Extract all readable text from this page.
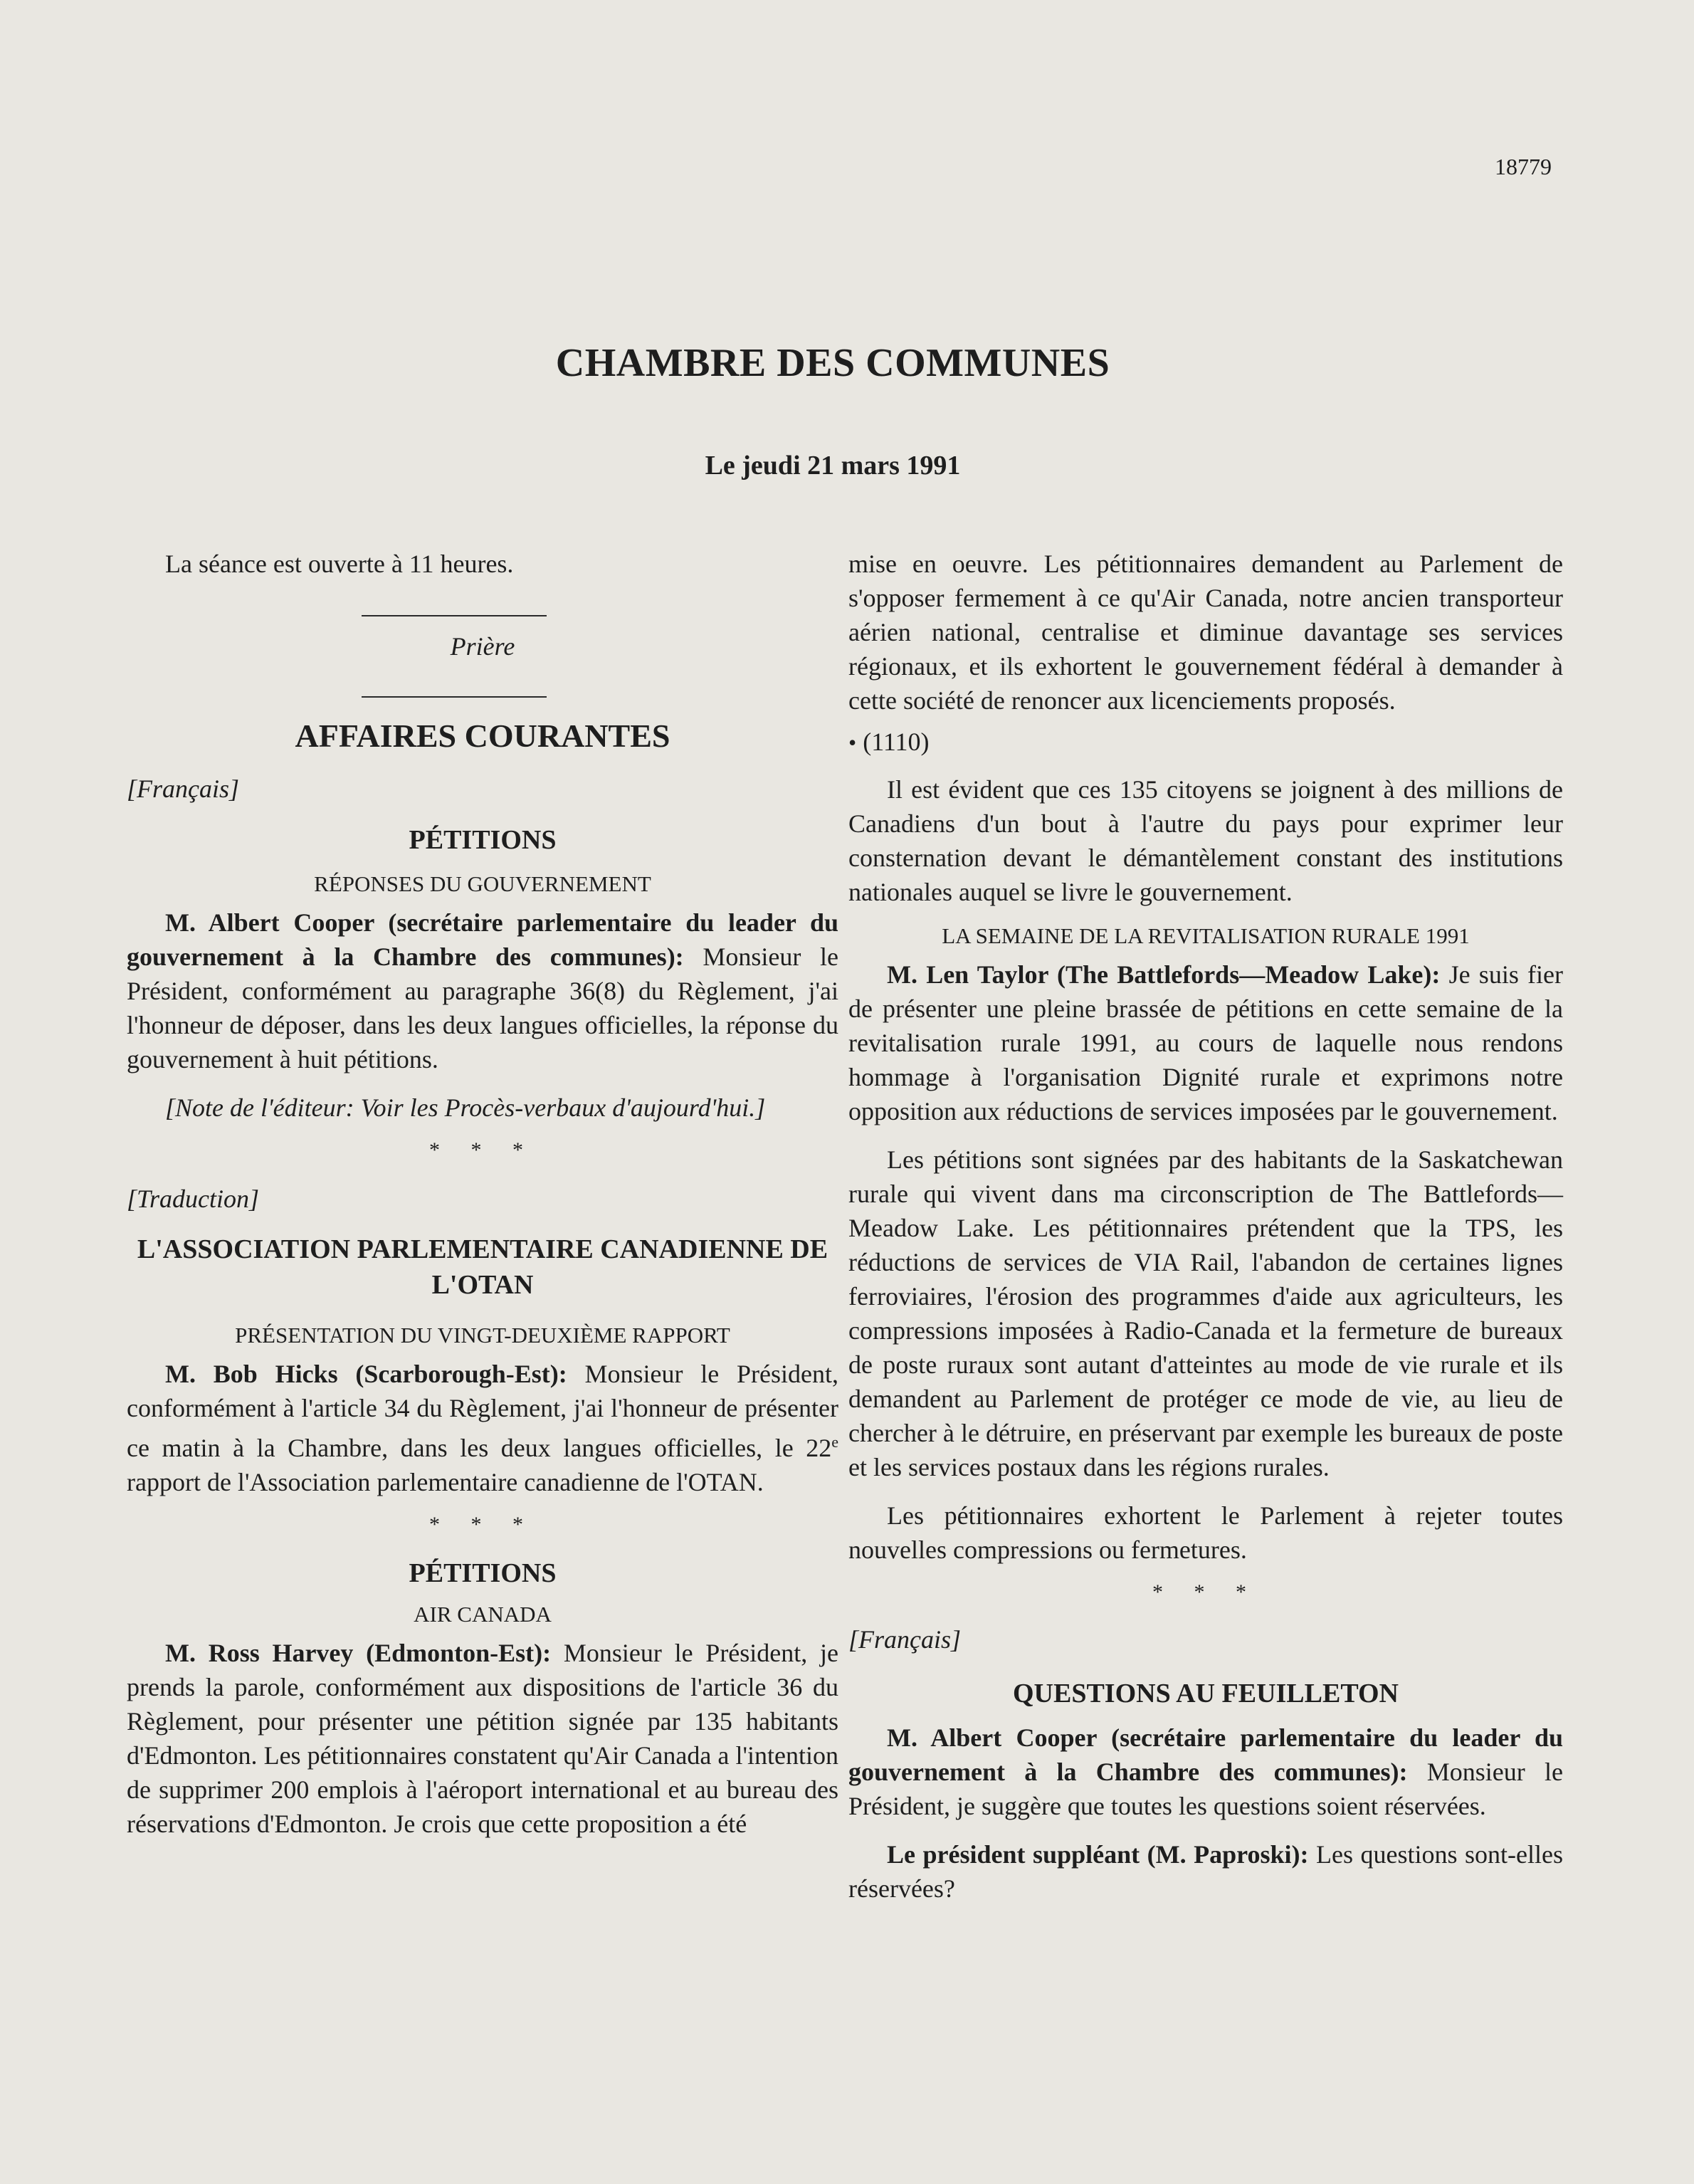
18779
CHAMBRE DES COMMUNES
Le jeudi 21 mars 1991

La séance est ouverte à 11 heures.

Prière

AFFAIRES COURANTES

[Français]

PÉTITIONS
RÉPONSES DU GOUVERNEMENT

M. Albert Cooper (secrétaire parlementaire du leader du gouvernement à la Chambre des communes): Monsieur le Président, conformément au paragraphe 36(8) du Règlement, j'ai l'honneur de déposer, dans les deux langues officielles, la réponse du gouvernement à huit pétitions.

[Note de l'éditeur: Voir les Procès-verbaux d'aujourd'hui.]

* * *

[Traduction]

L'ASSOCIATION PARLEMENTAIRE CANADIENNE DE L'OTAN
PRÉSENTATION DU VINGT-DEUXIÈME RAPPORT

M. Bob Hicks (Scarborough-Est): Monsieur le Président, conformément à l'article 34 du Règlement, j'ai l'honneur de présenter ce matin à la Chambre, dans les deux langues officielles, le 22e rapport de l'Association parlementaire canadienne de l'OTAN.

* * *
PÉTITIONS
AIR CANADA

M. Ross Harvey (Edmonton-Est): Monsieur le Président, je prends la parole, conformément aux dispositions de l'article 36 du Règlement, pour présenter une pétition signée par 135 habitants d'Edmonton. Les pétitionnaires constatent qu'Air Canada a l'intention de supprimer 200 emplois à l'aéroport international et au bureau des réservations d'Edmonton. Je crois que cette proposition a été

mise en oeuvre. Les pétitionnaires demandent au Parlement de s'opposer fermement à ce qu'Air Canada, notre ancien transporteur aérien national, centralise et diminue davantage ses services régionaux, et ils exhortent le gouvernement fédéral à demander à cette société de renoncer aux licenciements proposés.

• (1110)

Il est évident que ces 135 citoyens se joignent à des millions de Canadiens d'un bout à l'autre du pays pour exprimer leur consternation devant le démantèlement constant des institutions nationales auquel se livre le gouvernement.

LA SEMAINE DE LA REVITALISATION RURALE 1991

M. Len Taylor (The Battlefords—Meadow Lake): Je suis fier de présenter une pleine brassée de pétitions en cette semaine de la revitalisation rurale 1991, au cours de laquelle nous rendons hommage à l'organisation Dignité rurale et exprimons notre opposition aux réductions de services imposées par le gouvernement.

Les pétitions sont signées par des habitants de la Saskatchewan rurale qui vivent dans ma circonscription de The Battlefords—Meadow Lake. Les pétitionnaires prétendent que la TPS, les réductions de services de VIA Rail, l'abandon de certaines lignes ferroviaires, l'érosion des programmes d'aide aux agriculteurs, les compressions imposées à Radio-Canada et la fermeture de bureaux de poste ruraux sont autant d'atteintes au mode de vie rurale et ils demandent au Parlement de protéger ce mode de vie, au lieu de chercher à le détruire, en préservant par exemple les bureaux de poste et les services postaux dans les régions rurales.

Les pétitionnaires exhortent le Parlement à rejeter toutes nouvelles compressions ou fermetures.

* * *

[Français]

QUESTIONS AU FEUILLETON

M. Albert Cooper (secrétaire parlementaire du leader du gouvernement à la Chambre des communes): Monsieur le Président, je suggère que toutes les questions soient réservées.

Le président suppléant (M. Paproski): Les questions sont-elles réservées?
